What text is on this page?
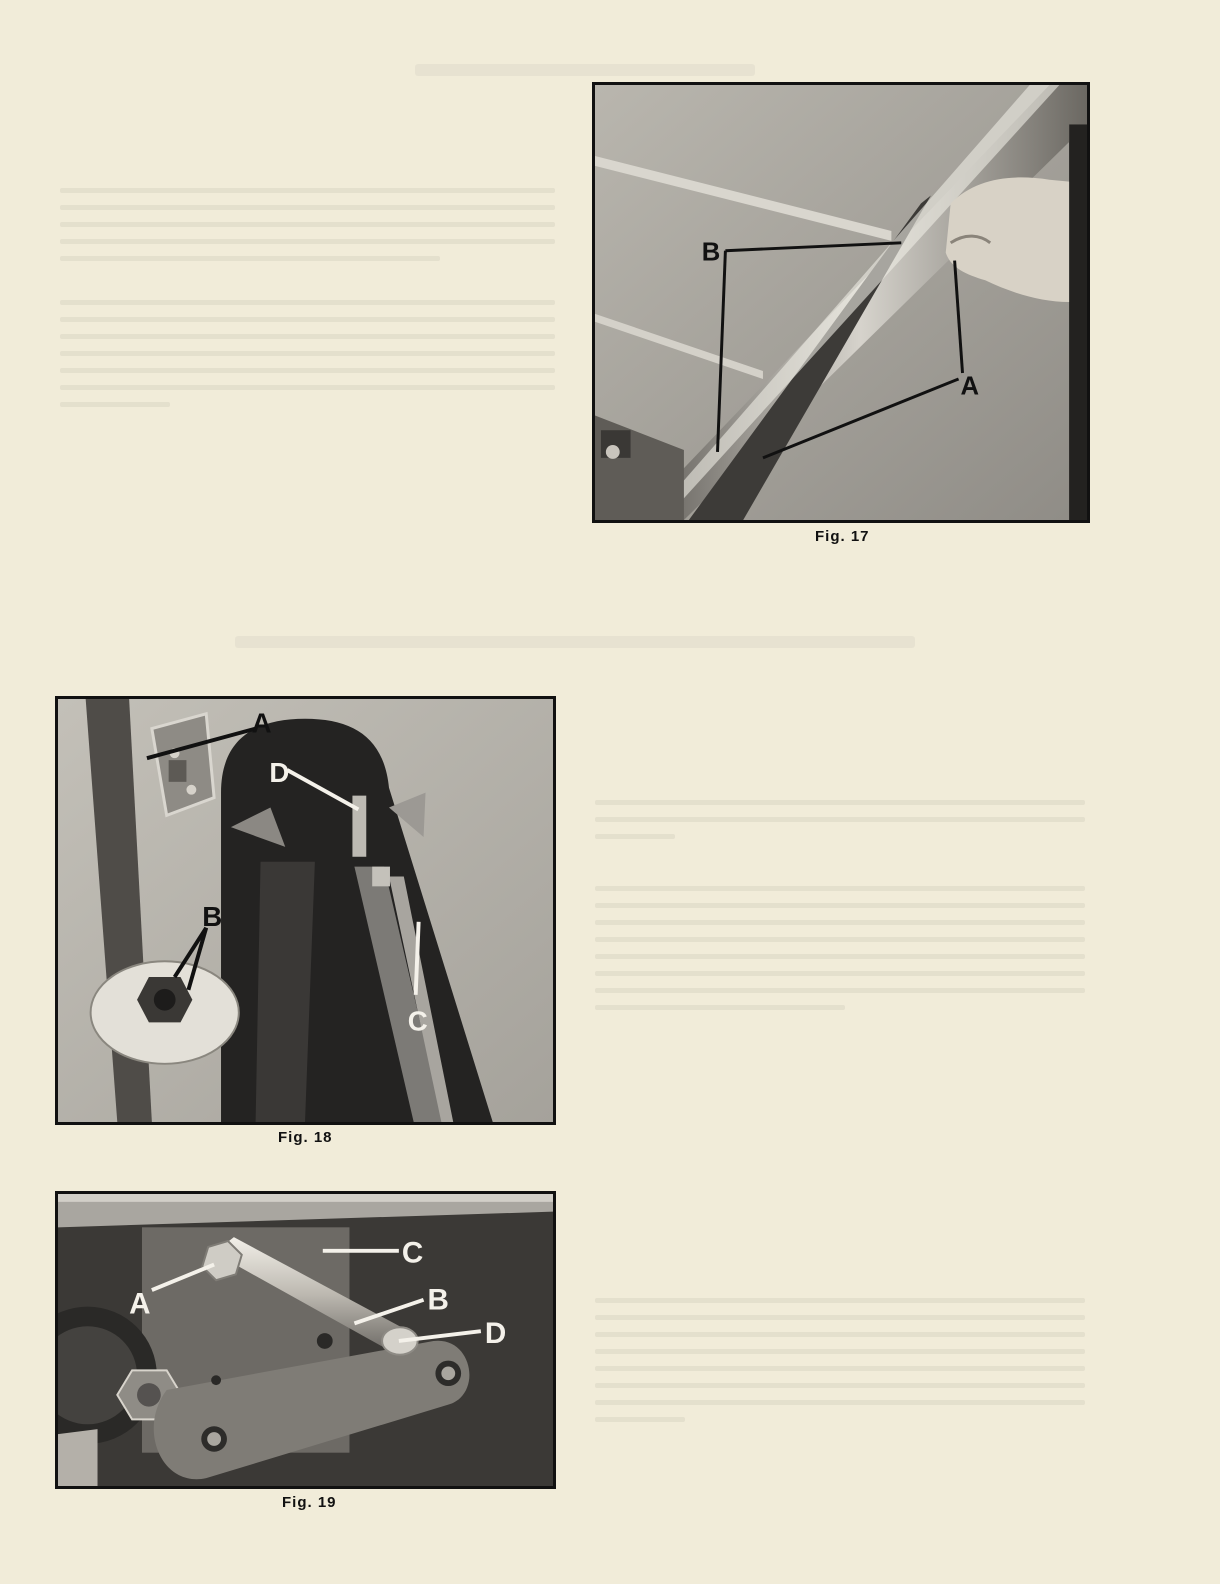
B
A
Fig. 17
A
D
B
C
Fig. 18
C
A	B
D
Fig. 19
